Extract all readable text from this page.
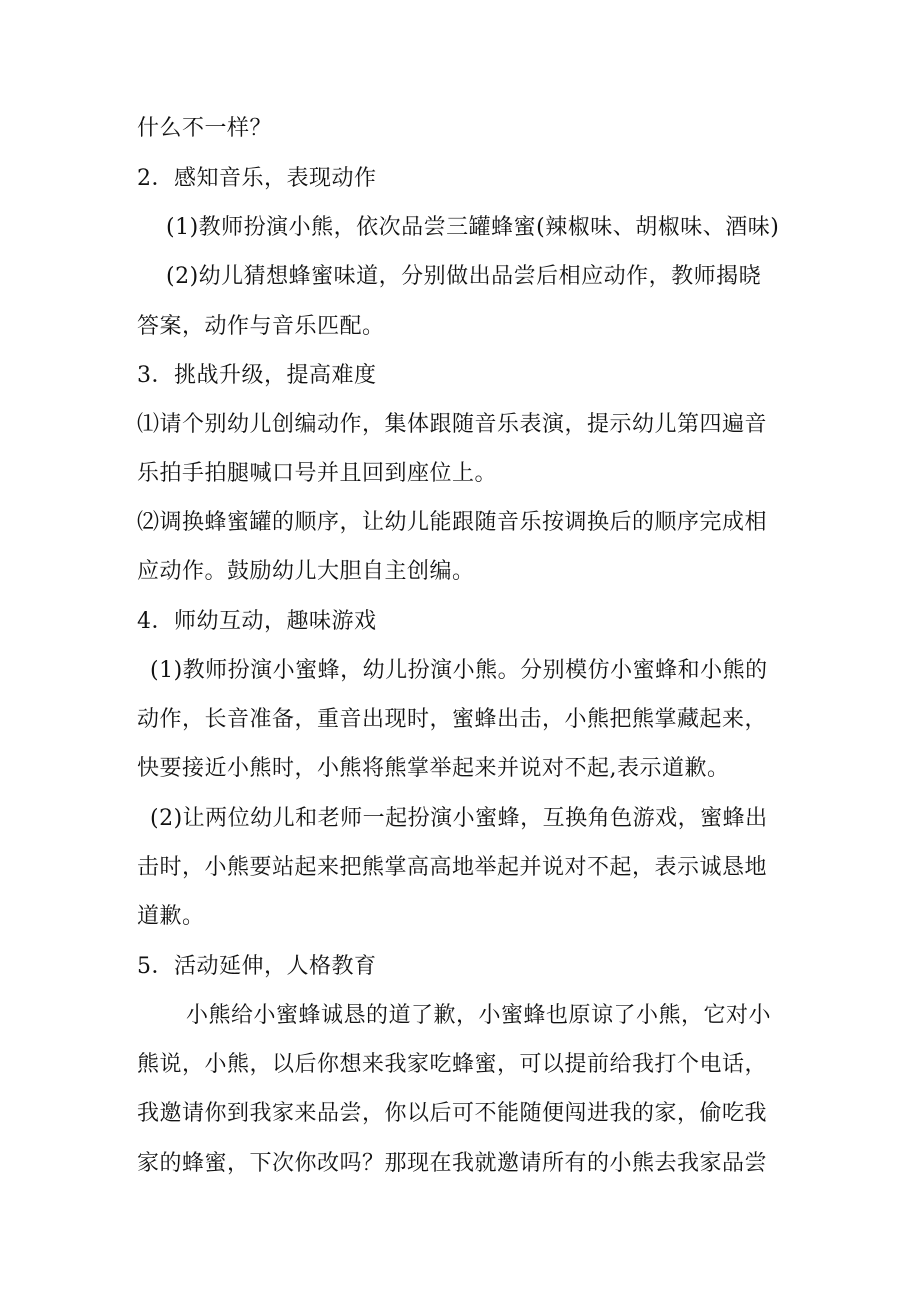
什么不一样？
2．感知音乐，表现动作
(1)教师扮演小熊，依次品尝三罐蜂蜜(辣椒味、胡椒味、酒味)
(2)幼儿猜想蜂蜜味道，分别做出品尝后相应动作，教师揭晓
答案，动作与音乐匹配。
3．挑战升级，提高难度
⑴请个别幼儿创编动作，集体跟随音乐表演，提示幼儿第四遍音
乐拍手拍腿喊口号并且回到座位上。
⑵调换蜂蜜罐的顺序，让幼儿能跟随音乐按调换后的顺序完成相
应动作。鼓励幼儿大胆自主创编。
4．师幼互动，趣味游戏
(1)教师扮演小蜜蜂，幼儿扮演小熊。分别模仿小蜜蜂和小熊的
动作，长音准备，重音出现时，蜜蜂出击，小熊把熊掌藏起来，
快要接近小熊时，小熊将熊掌举起来并说对不起,表示道歉。
(2)让两位幼儿和老师一起扮演小蜜蜂，互换角色游戏，蜜蜂出
击时，小熊要站起来把熊掌高高地举起并说对不起，表示诚恳地
道歉。
5．活动延伸，人格教育
小熊给小蜜蜂诚恳的道了歉，小蜜蜂也原谅了小熊，它对小
熊说，小熊，以后你想来我家吃蜂蜜，可以提前给我打个电话，
我邀请你到我家来品尝，你以后可不能随便闯进我的家，偷吃我
家的蜂蜜，下次你改吗？那现在我就邀请所有的小熊去我家品尝
